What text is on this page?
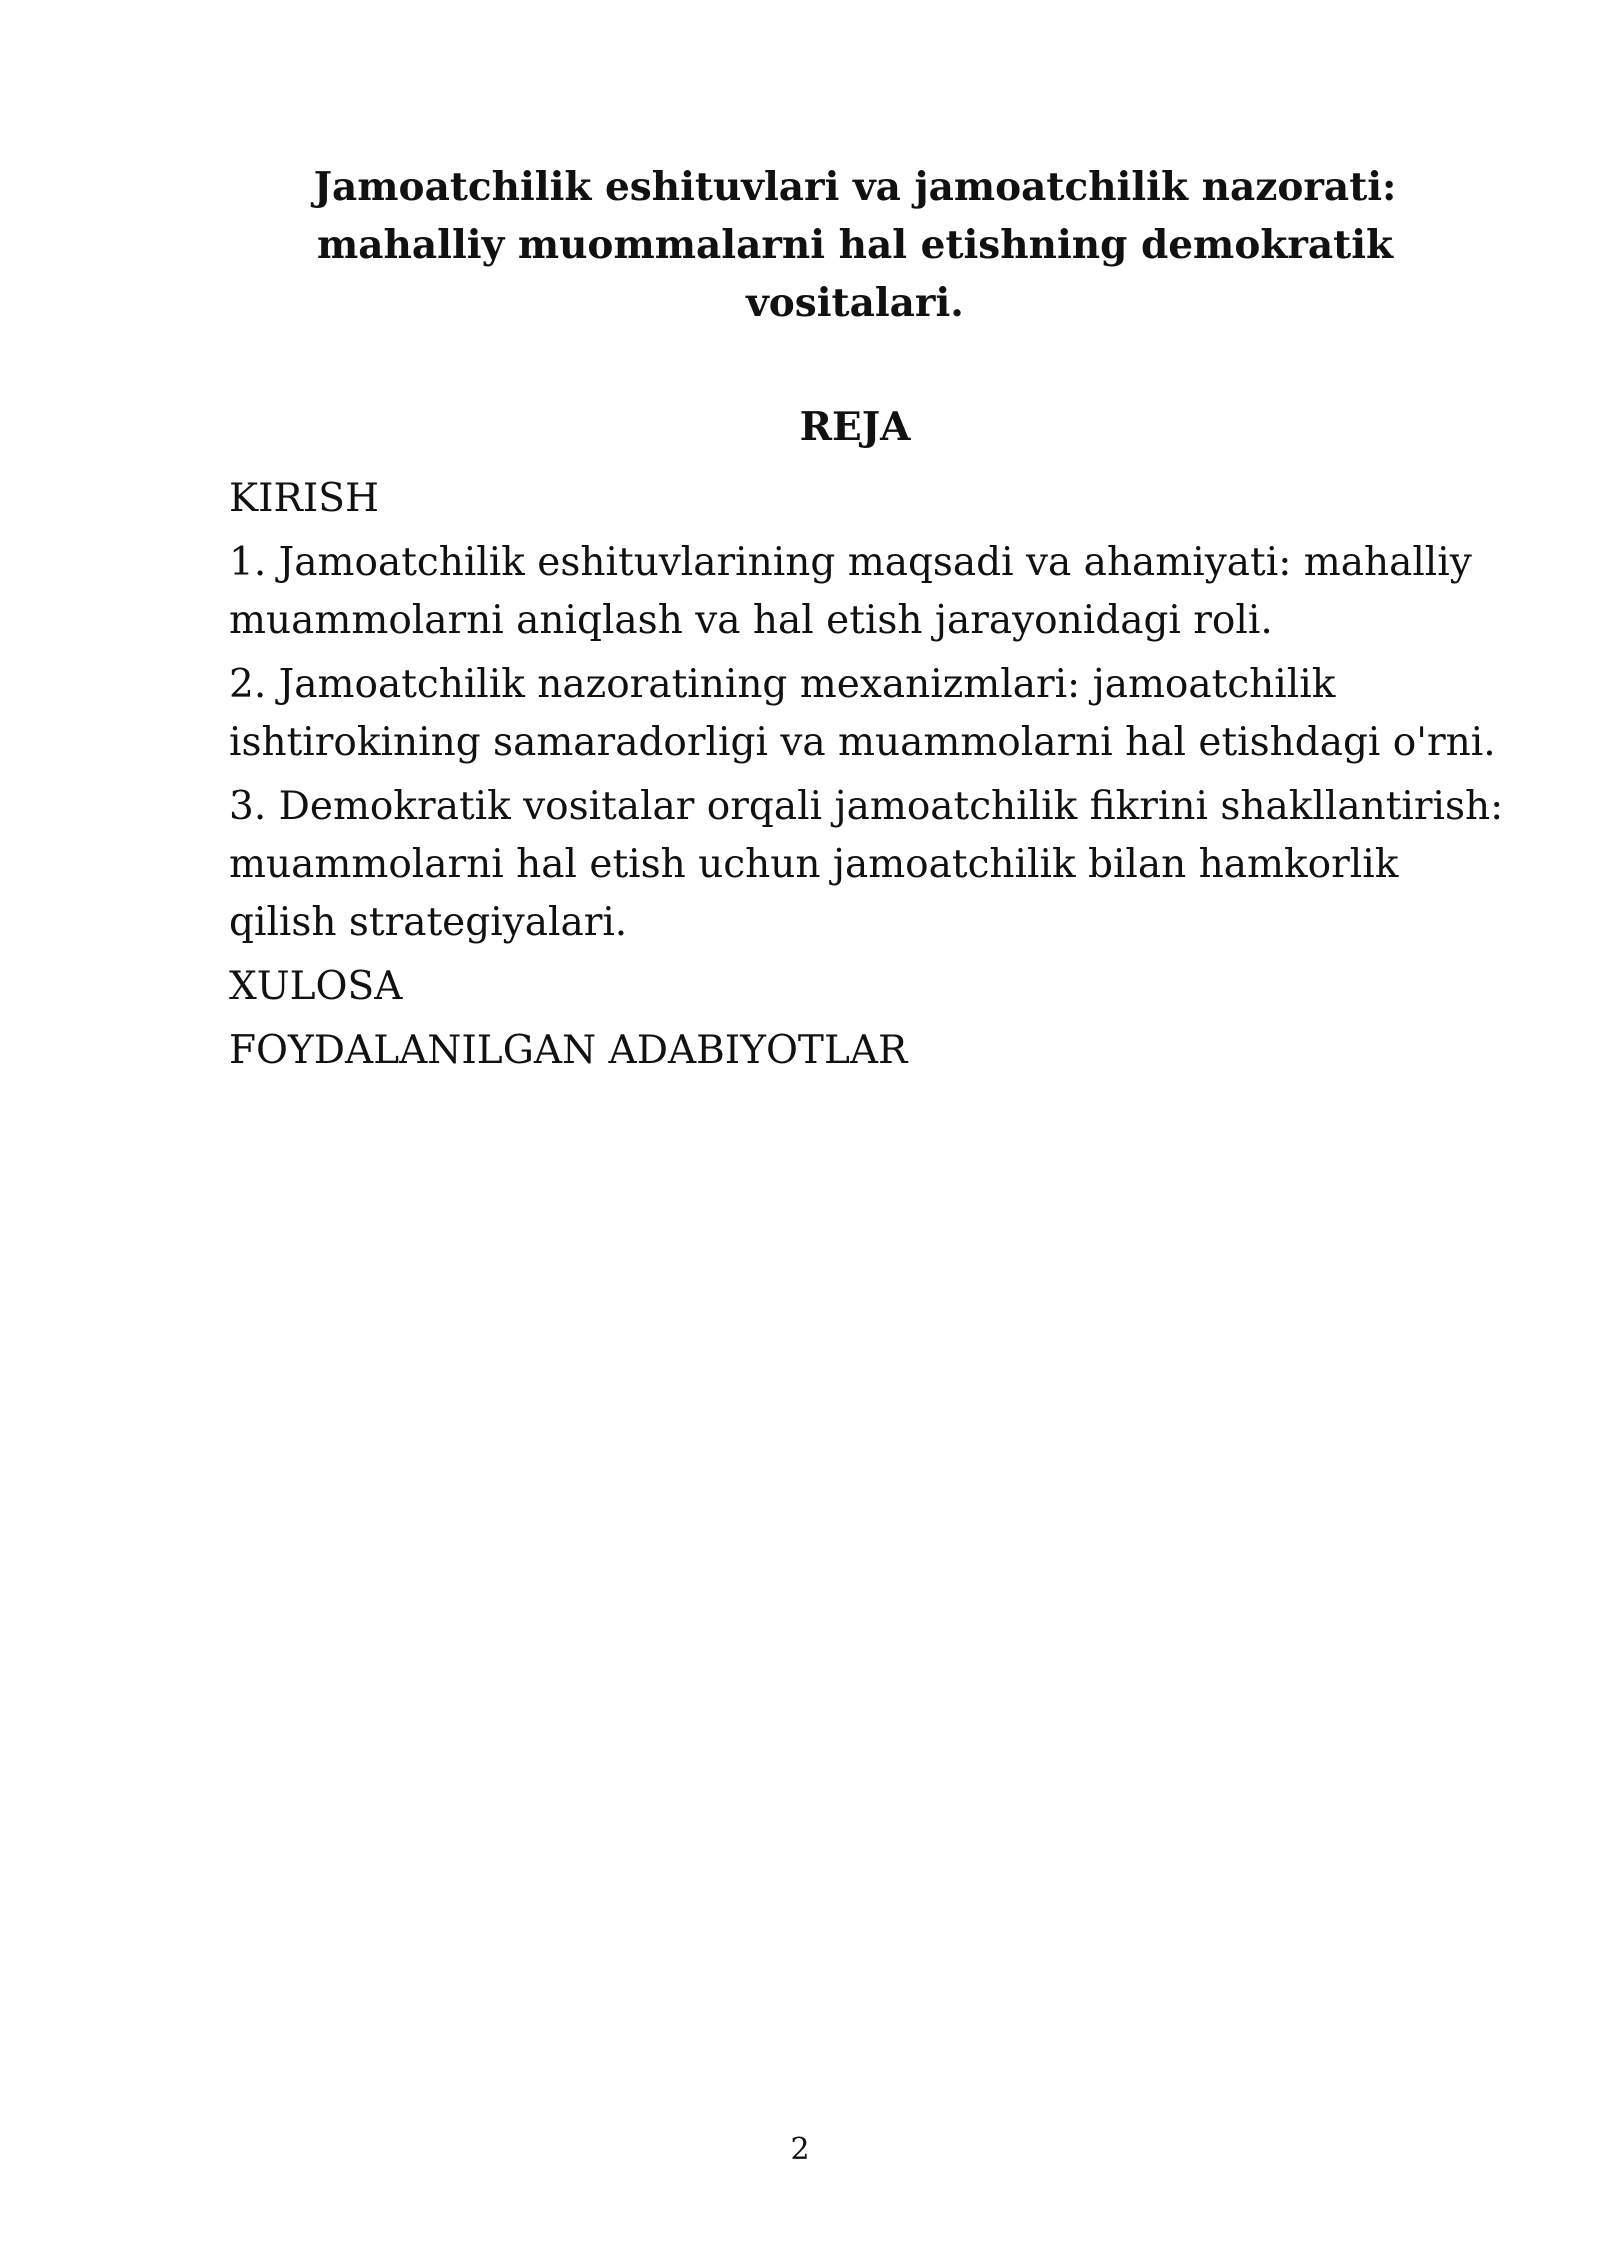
Jamoatchilik eshituvlari va jamoatchilik nazorati: mahalliy muommalarni hal etishning demokratik vositalari.
REJA
KIRISH
1. Jamoatchilik eshituvlarining maqsadi va ahamiyati: mahalliy muammolarni aniqlash va hal etish jarayonidagi roli.
2. Jamoatchilik nazoratining mexanizmlari: jamoatchilik ishtirokining samaradorligi va muammolarni hal etishdagi o'rni.
3. Demokratik vositalar orqali jamoatchilik fikrini shakllantirish: muammolarni hal etish uchun jamoatchilik bilan hamkorlik qilish strategiyalari.
XULOSA
FOYDALANILGAN ADABIYOTLAR
2
